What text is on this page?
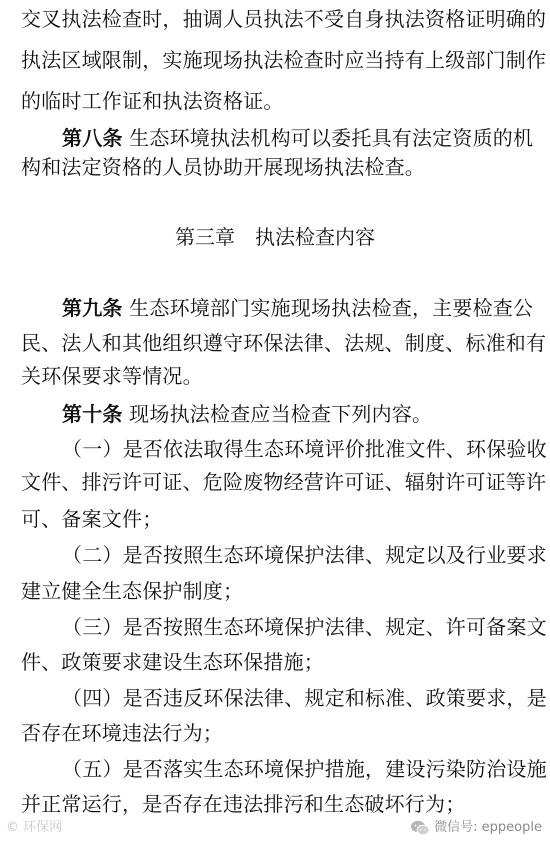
交叉执法检查时，抽调人员执法不受自身执法资格证明确的
执法区域限制，实施现场执法检查时应当持有上级部门制作
的临时工作证和执法资格证。
第八条 生态环境执法机构可以委托具有法定资质的机
构和法定资格的人员协助开展现场执法检查。
第三章　执法检查内容
第九条 生态环境部门实施现场执法检查，主要检查公
民、法人和其他组织遵守环保法律、法规、制度、标准和有
关环保要求等情况。
第十条 现场执法检查应当检查下列内容。
（一）是否依法取得生态环境评价批准文件、环保验收
文件、排污许可证、危险废物经营许可证、辐射许可证等许
可、备案文件；
（二）是否按照生态环境保护法律、规定以及行业要求
建立健全生态保护制度；
（三）是否按照生态环境保护法律、规定、许可备案文
件、政策要求建设生态环保措施；
（四）是否违反环保法律、规定和标准、政策要求，是
否存在环境违法行为；
（五）是否落实生态环境保护措施，建设污染防治设施
并正常运行，是否存在违法排污和生态破坏行为；
© 环保网	微信号: eppeople
